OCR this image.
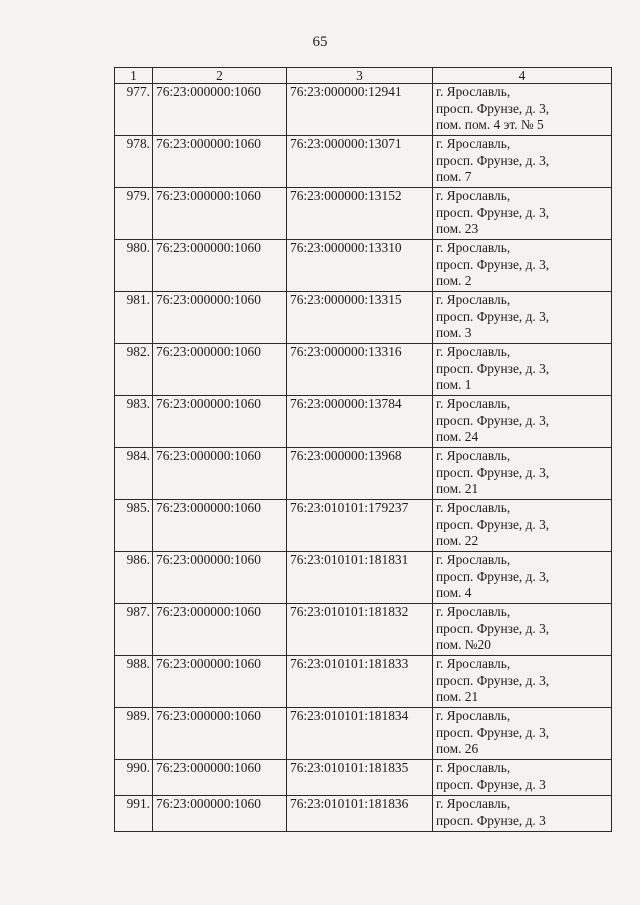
65
1	2	3	4
977.	76:23:000000:1060	76:23:000000:12941	г. Ярославль,
просп. Фрунзе, д. 3,
пом. пом. 4 эт. № 5

978.	76:23:000000:1060	76:23:000000:13071	г. Ярославль,
просп. Фрунзе, д. 3,
пом. 7

979.	76:23:000000:1060	76:23:000000:13152	г. Ярославль,
просп. Фрунзе, д. 3,
пом. 23

980.	76:23:000000:1060	76:23:000000:13310	г. Ярославль,
просп. Фрунзе, д. 3,
пом. 2

981.	76:23:000000:1060	76:23:000000:13315	г. Ярославль,
просп. Фрунзе, д. 3,
пом. 3

982.	76:23:000000:1060	76:23:000000:13316	г. Ярославль,
просп. Фрунзе, д. 3,
пом. 1

983.	76:23:000000:1060	76:23:000000:13784	г. Ярославль,
просп. Фрунзе, д. 3,
пом. 24

984.	76:23:000000:1060	76:23:000000:13968	г. Ярославль,
просп. Фрунзе, д. 3,
пом. 21

985.	76:23:000000:1060	76:23:010101:179237	г. Ярославль,
просп. Фрунзе, д. 3,
пом. 22

986.	76:23:000000:1060	76:23:010101:181831	г. Ярославль,
просп. Фрунзе, д. 3,
пом. 4

987.	76:23:000000:1060	76:23:010101:181832	г. Ярославль,
просп. Фрунзе, д. 3,
пом. №20

988.	76:23:000000:1060	76:23:010101:181833	г. Ярославль,
просп. Фрунзе, д. 3,
пом. 21

989.	76:23:000000:1060	76:23:010101:181834	г. Ярославль,
просп. Фрунзе, д. 3,
пом. 26

990.	76:23:000000:1060	76:23:010101:181835	г. Ярославль,
просп. Фрунзе, д. 3

991.	76:23:000000:1060	76:23:010101:181836	г. Ярославль,
просп. Фрунзе, д. 3
